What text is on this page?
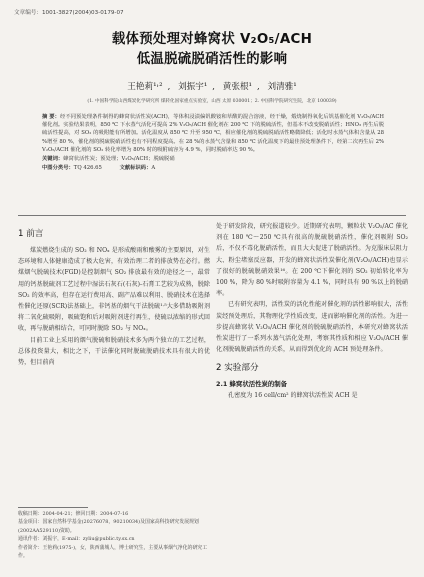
文章编号：1001-3827(2004)03-0179-07
载体预处理对蜂窝状 V₂O₅/ACH
低温脱硫脱硝活性的影响
王艳莉¹˒² , 刘振宇¹ , 黄张根¹ , 刘清雅¹
(1. 中国科学院山西煤炭化学研究所 煤转化国家重点实验室，山西 太原 030001；2. 中国科学院研究生院，北京 100039)
摘 要：经不同预处理条件制得的蜂窝状活性炭(ACH)，等体积浸渍偏钒酸铵和草酸的混合溶液，经干燥，煅烧制得氧化后钒基催化剂 V₂O₅/ACH 催化剂。实验结果表明，850 ℃ 下水蒸气活化可提高 2% V₂O₅/ACH 催化剂在 200 ℃ 下的脱硫活性，但基本不改变脱硝活性；HNO₃ 再生后脱硫活性提高，对 SO₂ 的吸附能有所增加。活化温度从 850 ℃ 升至 950 ℃，相应催化剂的脱硫脱硝活性略微降低；活化时水蒸气体积含量从 28 %增至 80 %，催化剂的脱硫脱硝活性也有不同程度提高。在 28 %的水蒸气含量和 850 ℃ 活化温度下的最佳预处理条件下，经第二次再生后 2% V₂O₅/ACH 催化剂的 SO₂ 转化率增为 80% 时的吸附硫容为 4.9 %，同时脱硝率达 90 %。
关键词：蜂窝状活性炭；预处理；V₂O₅/ACH；脱硫脱硝
中图分类号：TQ 426.65	文献标识码：A
1 前言

煤炭燃烧生成的 SO₂ 和 NOₓ 是形成酸雨和酸雾的主要原因，对生态环境和人体健康造成了极大危害，有效治理二者的排放势在必行。燃煤烟气脱硫技术(FGD)是控制烟气 SO₂ 排放最有效的途径之一，最常用的钙基脱硫剂工艺过程中湿法石灰石(石灰)-石膏工艺较为成熟，脱除 SO₂ 的效率高，但存在运行费用高、副产品难以利用、脱硝技术在选择性催化还原(SCR)法基础上，非钙基的烟气干法脱硫¹ᐧ⁵大多借助吸附剂将二氧化硫吸附，吸硫饱和后对吸附剂进行再生，使硫以浓缩的形式回收，再与脱硝相结合，可同时脱除 SO₂ 与 NOₓ。

目前工业上采用的烟气脱硫和脱硝技术多为两个独立的工艺过程，总体投资量大，相比之下，干法催化同时脱硫脱硝技术具有很大的优势，但目前尚

处于研发阶段，研究报道较少。近期研究表明，颗粒状 V₂O₅/AC 催化剂在 180 ℃～250 ℃具有很高的脱硫脱硝活性，催化剂吸附 SO₂ 后，不仅不毒化脱硝活性，而且大大促进了脱硝活性。为克服床层阻力大、粉尘堵塞反应器，开发的蜂窝状活性炭催化剂(V₂O₅/ACH)也显示了很好的脱硫脱硝效果¹⁶。在 200 ℃下催化剂的 SO₂ 初始转化率为 100 %，降为 80 %时吸附容量为 4.1 %，同时具有 90 %以上的脱硝率。

已有研究表明，活性炭的活化性能对催化剂的活性影响很大，活性炭经预处理后，其物理化学性质改变，进而影响催化剂的活性。为进一步提高蜂窝状 V₂O₅/ACH 催化剂的脱硫脱硝活性，本研究对蜂窝状活性炭进行了一系列水蒸气活化处理，考察其性质和相应 V₂O₅/ACH 催化剂脱硫脱硝活性的关系，从而得到优化的 ACH 预处理条件。

2 实验部分
2.1 蜂窝状活性炭的制备

孔密度为 16 cell/cm² 的蜂窝状活性炭 ACH 是

收稿日期：2004-04-21；修回日期：2004-07-16
基金项目：国家自然科学基金(20276078，90210034)及国家高科技研究发展规划(2002AA529110)资助。
通讯作者：刘振宇，E-mail：zyliu@public.ty.sx.cn
作者简介：王艳莉(1975-)，女，陕西蒲城人，博士研究生，主要从事烟气净化的研究工作。
